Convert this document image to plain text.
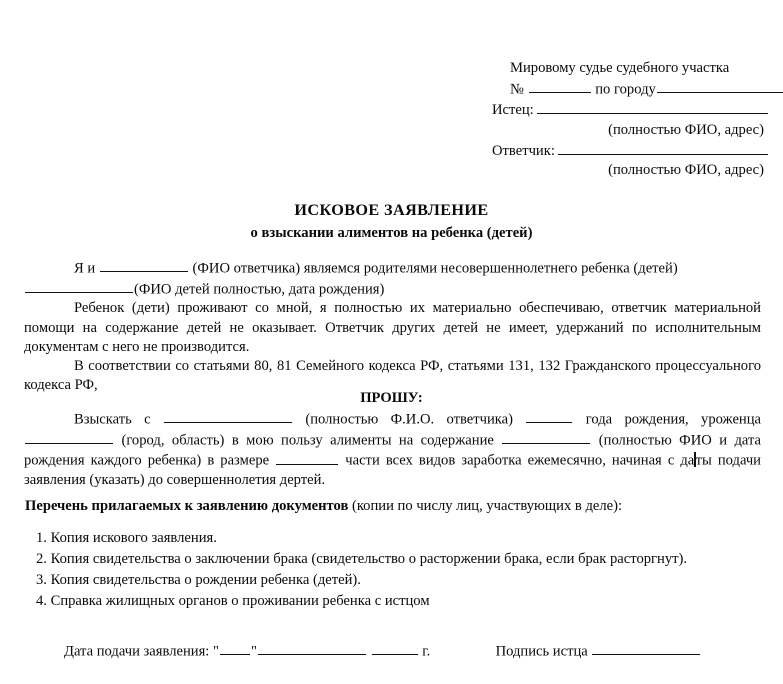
Мировому судье судебного участка
№	по городу
Истец:
(полностью ФИО, адрес)
Ответчик:
(полностью ФИО, адрес)
ИСКОВОЕ ЗАЯВЛЕНИЕ
о взыскании алиментов на ребенка (детей)

Я и	(ФИО ответчика) являемся родителями несовершеннолетнего ребенка (детей)

(ФИО детей полностью, дата рождения)

Ребенок (дети) проживают со мной, я полностью их материально обеспечиваю, ответчик материальной помощи на содержание детей не оказывает. Ответчик других детей не имеет, удержаний по исполнительным документам с него не производится.

В соответствии со статьями 80, 81 Семейного кодекса РФ, статьями 131, 132 Гражданского процессуального кодекса РФ,

ПРОШУ:

Взыскать с	(полностью Ф.И.О. ответчика)	года рождения, уроженца  (город, область) в мою пользу алименты на содержание	(полностью ФИО и дата рождения каждого ребенка) в размере	части всех видов заработка ежемесячно, начиная с даты подачи заявления (указать) до совершеннолетия дертей.

Перечень прилагаемых к заявлению документов (копии по числу лиц, участвующих в деле):
1. Копия искового заявления.
2. Копия свидетельства о заключении брака (свидетельство о расторжении брака, если брак расторгнут).
3. Копия свидетельства о рождении ребенка (детей).
4. Справка жилищных органов о проживании ребенка с истцом
Дата подачи заявления: " "	г.	Подпись истца
